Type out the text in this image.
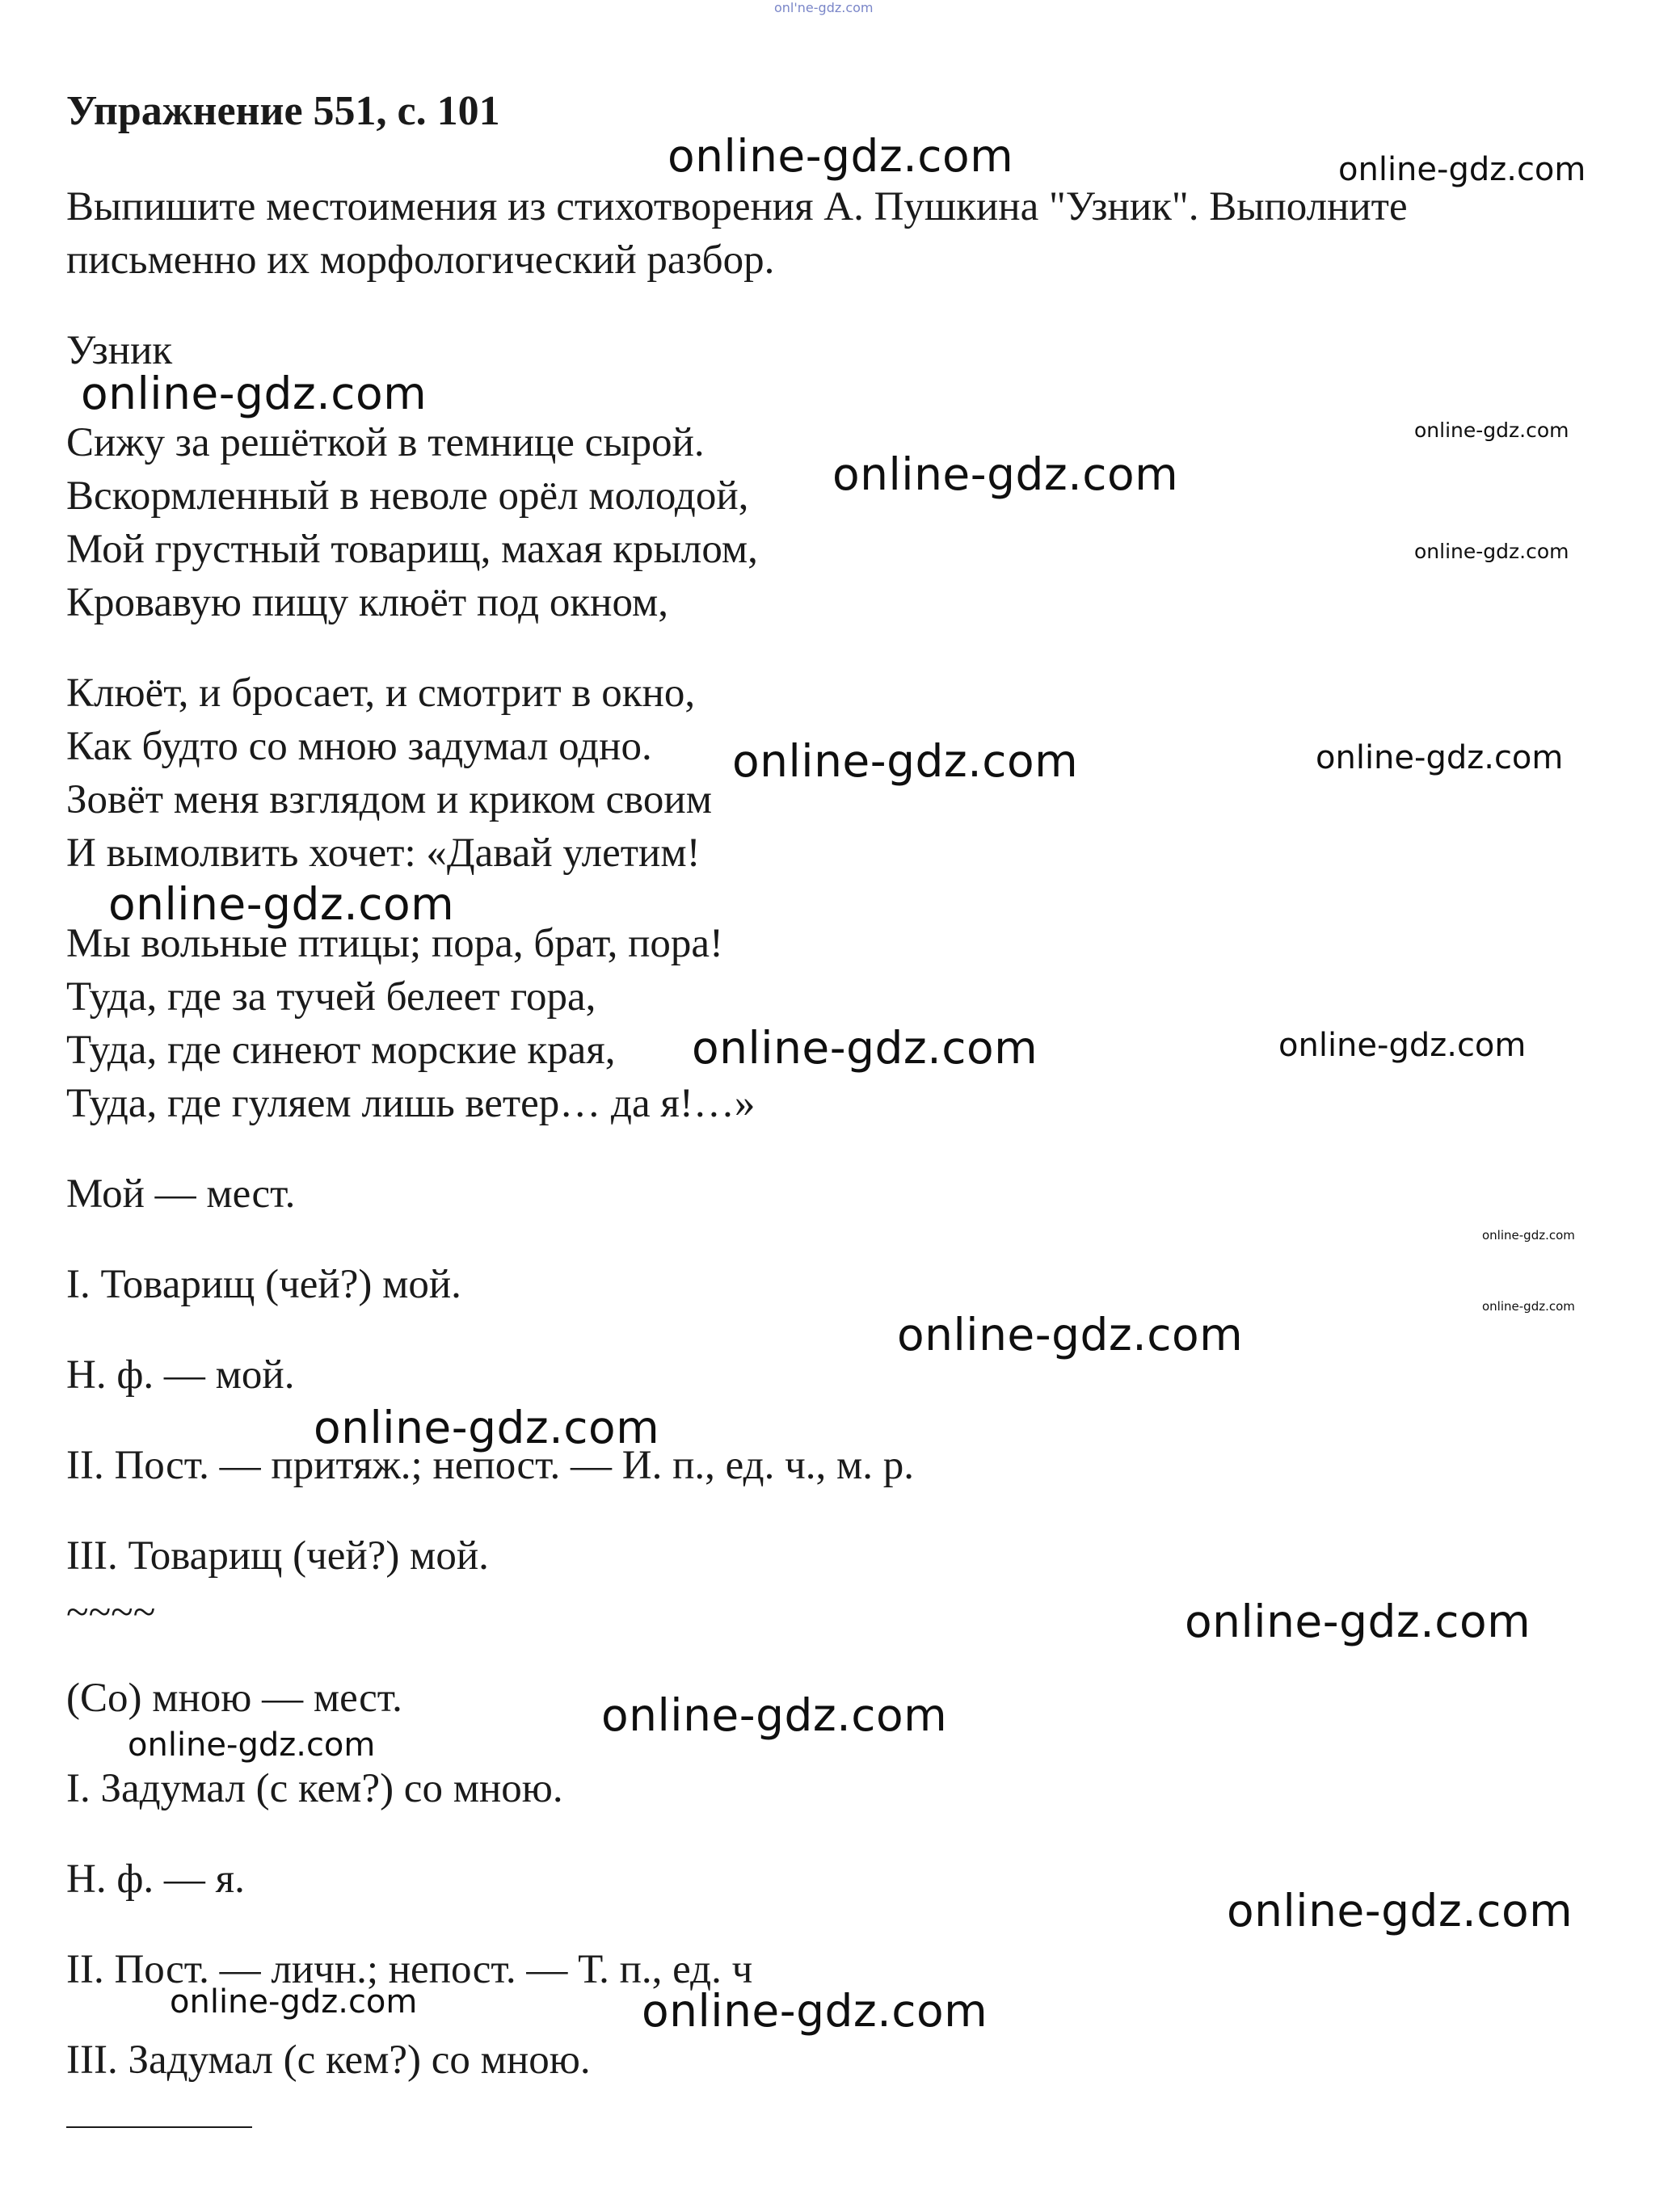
Упражнение 551, с. 101
Выпишите местоимения из стихотворения А. Пушкина "Узник". Выполните
письменно их морфологический разбор.
Узник
Сижу за решёткой в темнице сырой.
Вскормленный в неволе орёл молодой,
Мой грустный товарищ, махая крылом,
Кровавую пищу клюёт под окном,
Клюёт, и бросает, и смотрит в окно,
Как будто со мною задумал одно.
Зовёт меня взглядом и криком своим
И вымолвить хочет: «Давай улетим!
Мы вольные птицы; пора, брат, пора!
Туда, где за тучей белеет гора,
Туда, где синеют морские края,
Туда, где гуляем лишь ветер… да я!…»
Мой — мест.
I. Товарищ (чей?) мой.
Н. ф. — мой.
II. Пост. — притяж.; непост. — И. п., ед. ч., м. р.
III. Товарищ (чей?) мой.
~~~~
(Со) мною — мест.
I. Задумал (с кем?) со мною.
Н. ф. — я.
II. Пост. — личн.; непост. — Т. п., ед. ч
III. Задумал (с кем?) со мною.
onl'ne-gdz.com
online-gdz.com	online-gdz.com
online-gdz.com
online-gdz.com
online-gdz.com
online-gdz.com
online-gdz.com	online-gdz.com
online-gdz.com
online-gdz.com	online-gdz.com
online-gdz.com
online-gdz.com
online-gdz.com
online-gdz.com
online-gdz.com
online-gdz.com
online-gdz.com
online-gdz.com
online-gdz.com	online-gdz.com
